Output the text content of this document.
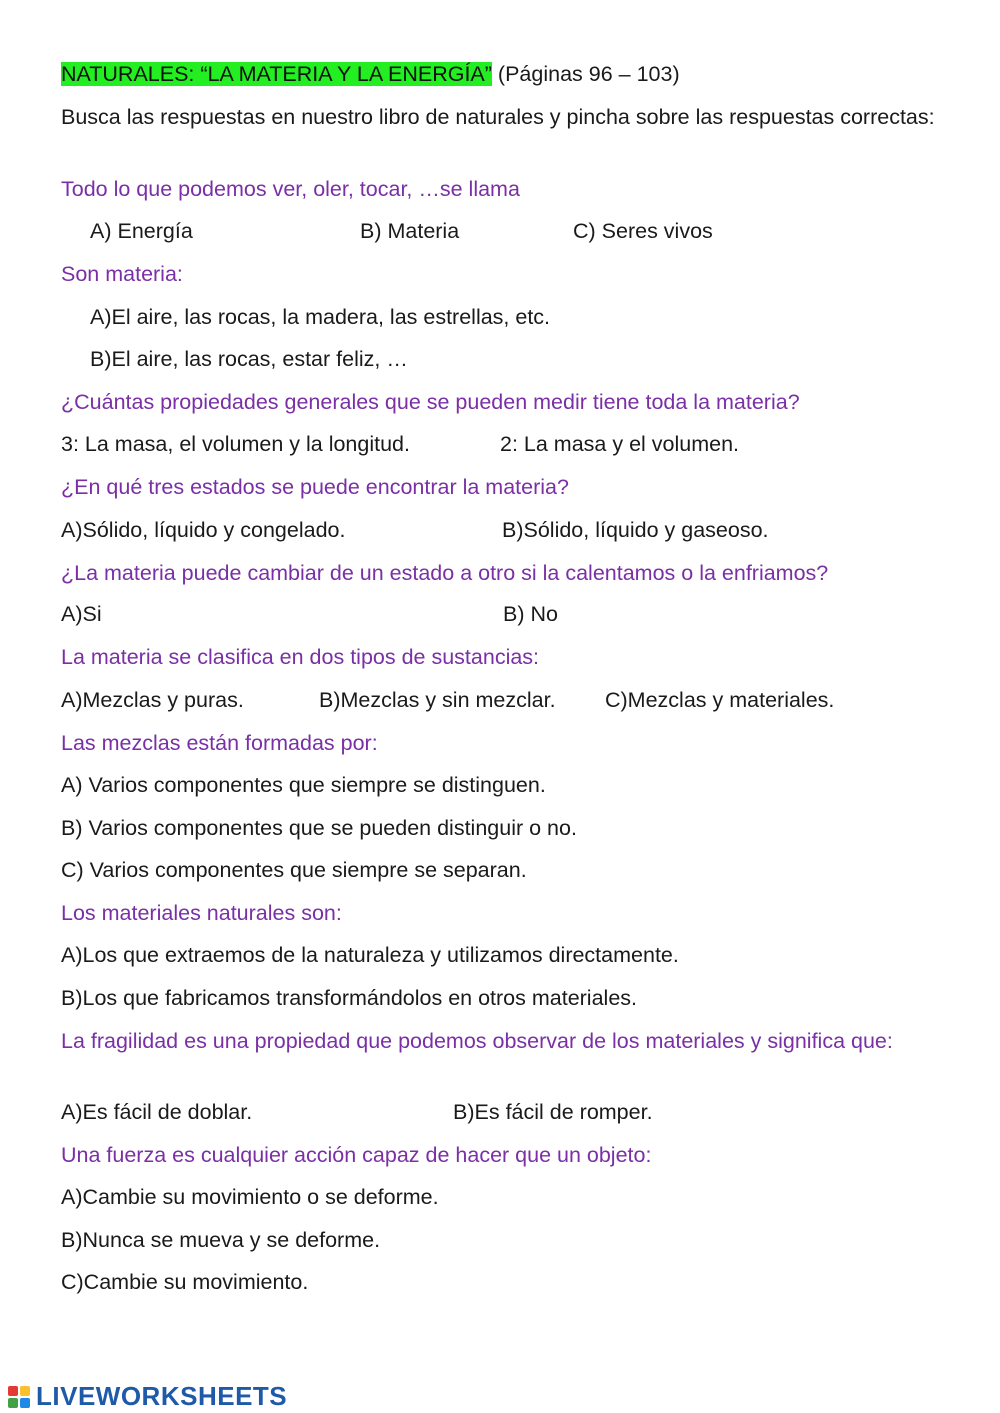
NATURALES: “LA MATERIA Y LA ENERGÍA” (Páginas 96 – 103)
Busca las respuestas en nuestro libro de naturales y pincha sobre las respuestas correctas:
Todo lo que podemos ver, oler, tocar, …se llama
A) Energía	B) Materia	C) Seres vivos
Son materia:
A)El aire, las rocas, la madera, las estrellas, etc.
B)El aire, las rocas, estar feliz, …
¿Cuántas propiedades generales que se pueden medir tiene toda la materia?
3: La masa, el volumen y la longitud.	2: La masa y el volumen.
¿En qué tres estados se puede encontrar la materia?
A)Sólido, líquido y congelado.	B)Sólido, líquido y gaseoso.
¿La materia puede cambiar de un estado a otro si la calentamos o la enfriamos?
A)Si	B) No
La materia se clasifica en dos tipos de sustancias:
A)Mezclas y puras.	B)Mezclas y sin mezclar. C)Mezclas y materiales.
Las mezclas están formadas por:
A) Varios componentes que siempre se distinguen.
B) Varios componentes que se pueden distinguir o no.
C) Varios componentes que siempre se separan.
Los materiales naturales son:
A)Los que extraemos de la naturaleza y utilizamos directamente.
B)Los que fabricamos transformándolos en otros materiales.
La fragilidad es una propiedad que podemos observar de los materiales y significa que:
A)Es fácil de doblar.	B)Es fácil de romper.
Una fuerza es cualquier acción capaz de hacer que un objeto:
A)Cambie su movimiento o se deforme.
B)Nunca se mueva y se deforme.
C)Cambie su movimiento.
LIVEWORKSHEETS
